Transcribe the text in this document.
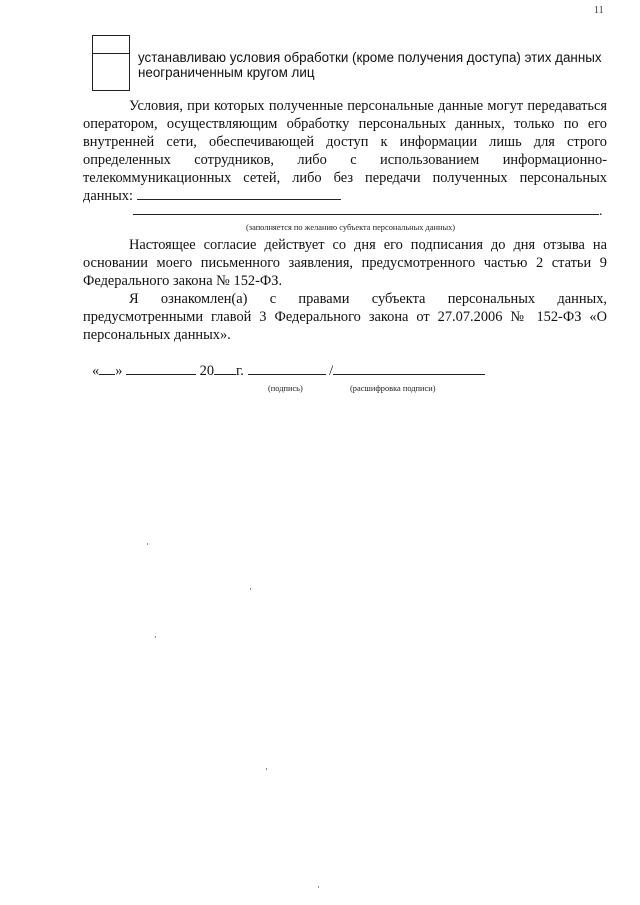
11
устанавливаю условия обработки (кроме получения доступа) этих данных неограниченным кругом лиц
Условия, при которых полученные персональные данные могут передаваться оператором, осуществляющим обработку персональных данных, только по его внутренней сети, обеспечивающей доступ к информации лишь для строго определенных сотрудников, либо с использованием информационно-телекоммуникационных сетей, либо без передачи полученных персональных данных:
.
(заполняется по желанию субъекта персональных данных)
Настоящее согласие действует со дня его подписания до дня отзыва на основании моего письменного заявления, предусмотренного частью 2 статьи 9 Федерального закона № 152-ФЗ.
Я ознакомлен(а) с правами субъекта персональных данных, предусмотренными главой 3 Федерального закона от 27.07.2006 № 152-ФЗ «О персональных данных».
« »	20 г.	/
(подпись)	(расшифровка подписи)
